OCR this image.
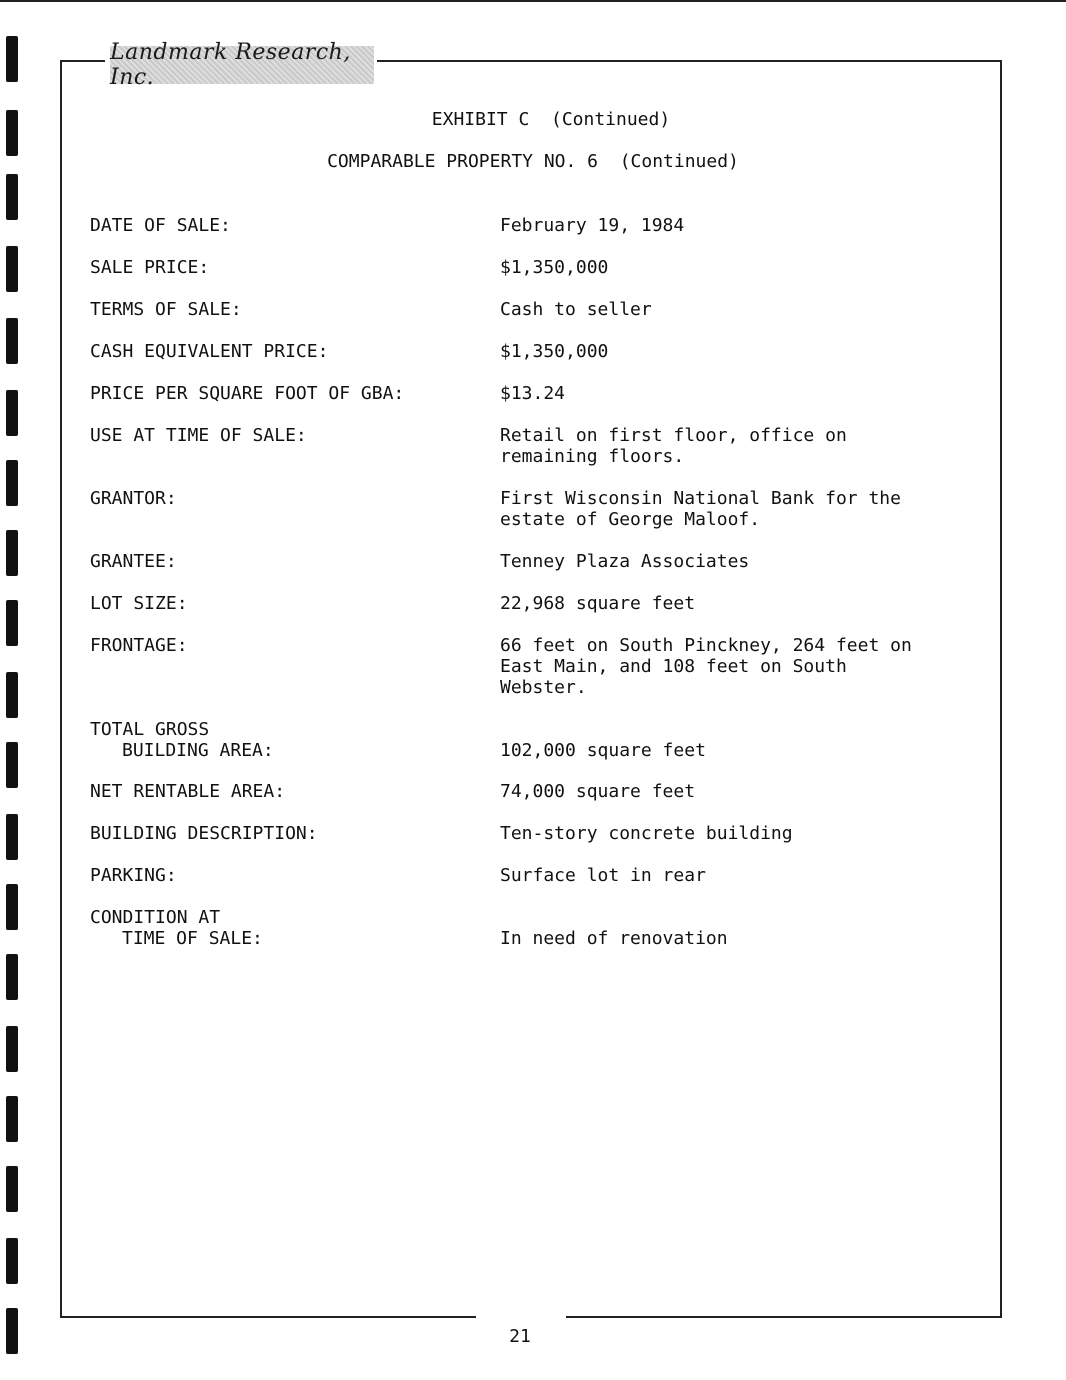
Landmark Research, Inc.
EXHIBIT C  (Continued)
COMPARABLE PROPERTY NO. 6  (Continued)
DATE OF SALE:	February 19, 1984
SALE PRICE:	$1,350,000
TERMS OF SALE:	Cash to seller
CASH EQUIVALENT PRICE:	$1,350,000
PRICE PER SQUARE FOOT OF GBA:	$13.24
USE AT TIME OF SALE:	Retail on first floor, office on remaining floors.
GRANTOR:	First Wisconsin National Bank for the estate of George Maloof.
GRANTEE:	Tenney Plaza Associates
LOT SIZE:	22,968 square feet
FRONTAGE:	66 feet on South Pinckney, 264 feet on East Main, and 108 feet on South Webster.
TOTAL GROSS
BUILDING AREA:	102,000 square feet
NET RENTABLE AREA:	74,000 square feet
BUILDING DESCRIPTION:	Ten-story concrete building
PARKING:	Surface lot in rear
CONDITION AT
TIME OF SALE:	In need of renovation
21
